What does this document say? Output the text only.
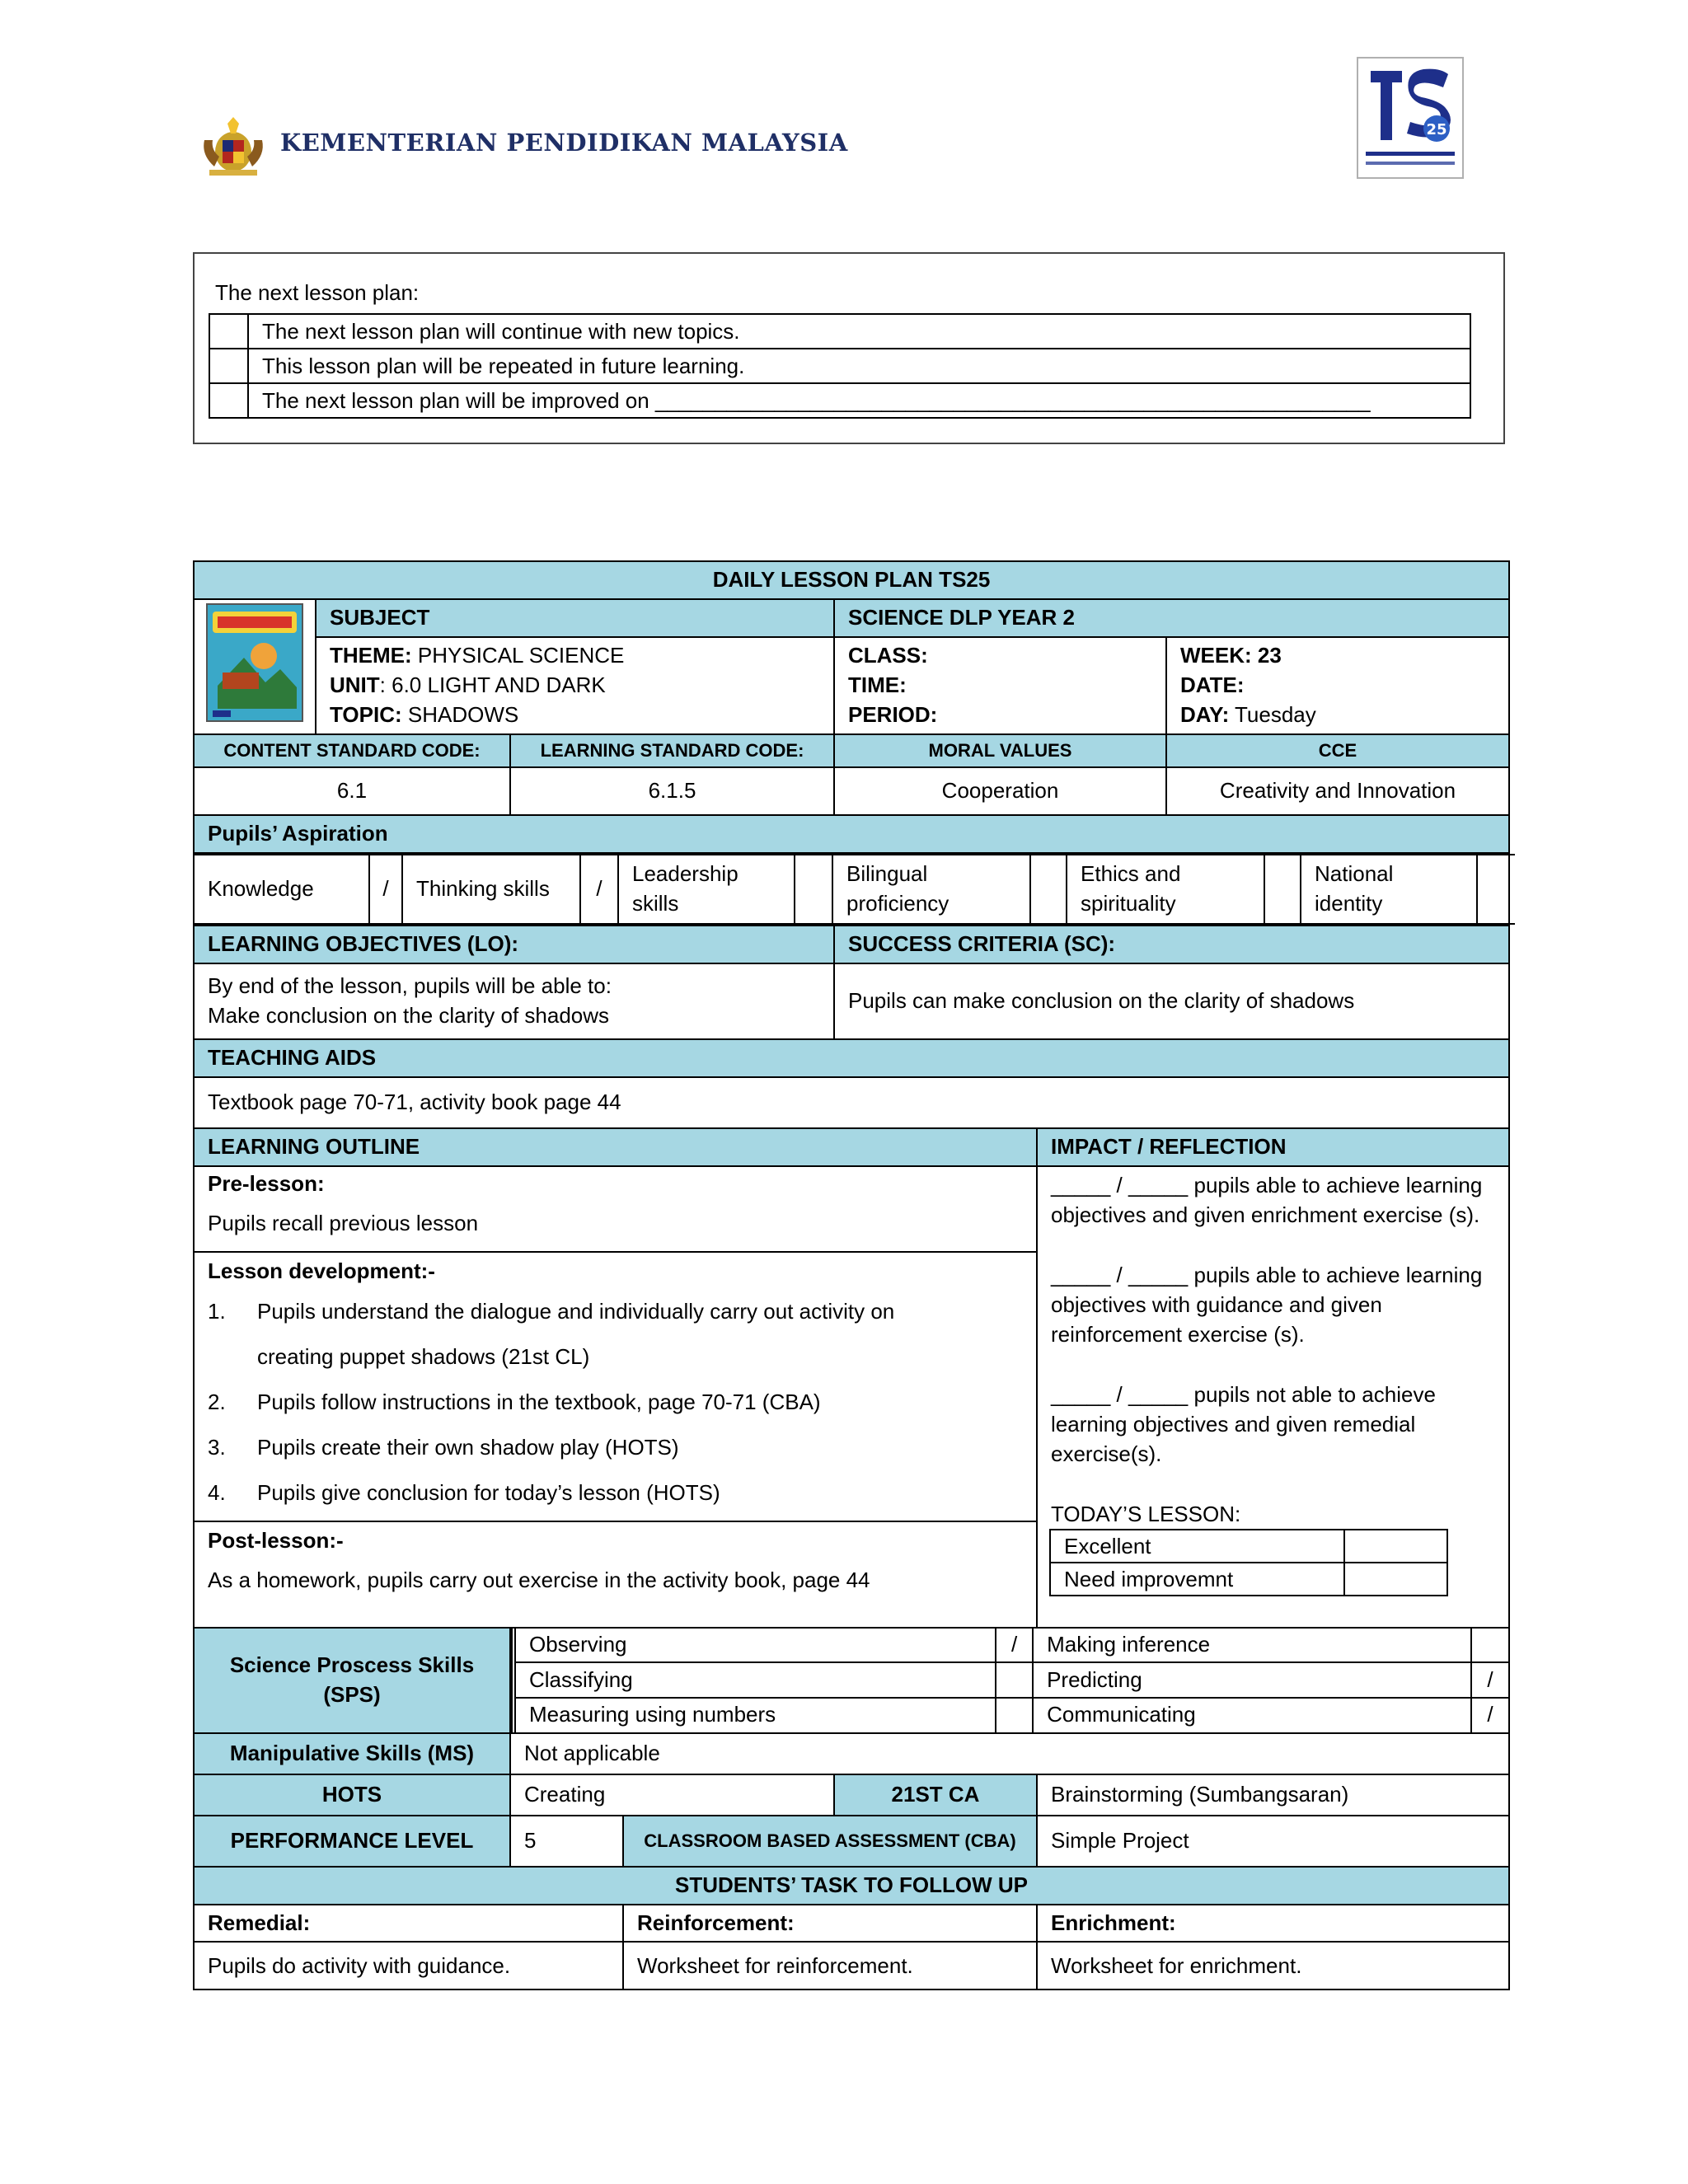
KEMENTERIAN PENDIDIKAN MALAYSIA	25
The next lesson plan:
	The next lesson plan will continue with new topics.
	This lesson plan will be repeated in future learning.
	The next lesson plan will be improved on ____________________________________________________________
DAILY LESSON PLAN TS25
	SUBJECT	SCIENCE DLP YEAR 2

THEME: PHYSICAL SCIENCE
UNIT: 6.0 LIGHT AND DARK
TOPIC: SHADOWS

CLASS:
TIME:
PERIOD:

WEEK: 23
DATE:
DAY: Tuesday

CONTENT STANDARD CODE:	LEARNING STANDARD CODE:	MORAL VALUES	CCE
6.1	6.1.5	Cooperation	Creativity and Innovation
Pupils’ Aspiration

Knowledge	/	Thinking skills	/	Leadership skills		Bilingual proficiency		Ethics and spirituality		National identity	

LEARNING OBJECTIVES (LO):	SUCCESS CRITERIA (SC):

By end of the lesson, pupils will be able to:
Make conclusion on the clarity of shadows
	Pupils can make conclusion on the clarity of shadows
TEACHING AIDS
Textbook page 70-71, activity book page 44
LEARNING OUTLINE	IMPACT / REFLECTION

Pre-lesson:
Pupils recall previous lesson
Lesson development:-
1.	Pupils understand the dialogue and individually carry out activity on creating puppet shadows (21st CL)
2.	Pupils follow instructions in the textbook, page 70-71 (CBA)
3.	Pupils create their own shadow play (HOTS)
4.	Pupils give conclusion for today’s lesson (HOTS)
Post-lesson:-
As a homework, pupils carry out exercise in the activity book, page 44

_____ / _____ pupils able to achieve learning objectives and given enrichment exercise (s).
_____ / _____ pupils able to achieve learning objectives with guidance and given reinforcement exercise (s).
_____ / _____ pupils not able to achieve learning objectives and given remedial exercise(s).
TODAY’S LESSON:
Excellent	
Need improvemnt	

Science Proscess Skills (SPS)	
Observing	/	Making inference	
Classifying		Predicting	/
Measuring using numbers		Communicating	/

Manipulative Skills (MS)	Not applicable
HOTS	Creating	21ST CA	Brainstorming (Sumbangsaran)
PERFORMANCE LEVEL	5	CLASSROOM BASED ASSESSMENT (CBA)	Simple Project
STUDENTS’ TASK TO FOLLOW UP
Remedial:	Reinforcement:	Enrichment:
Pupils do activity with guidance.	Worksheet for reinforcement.	Worksheet for enrichment.
